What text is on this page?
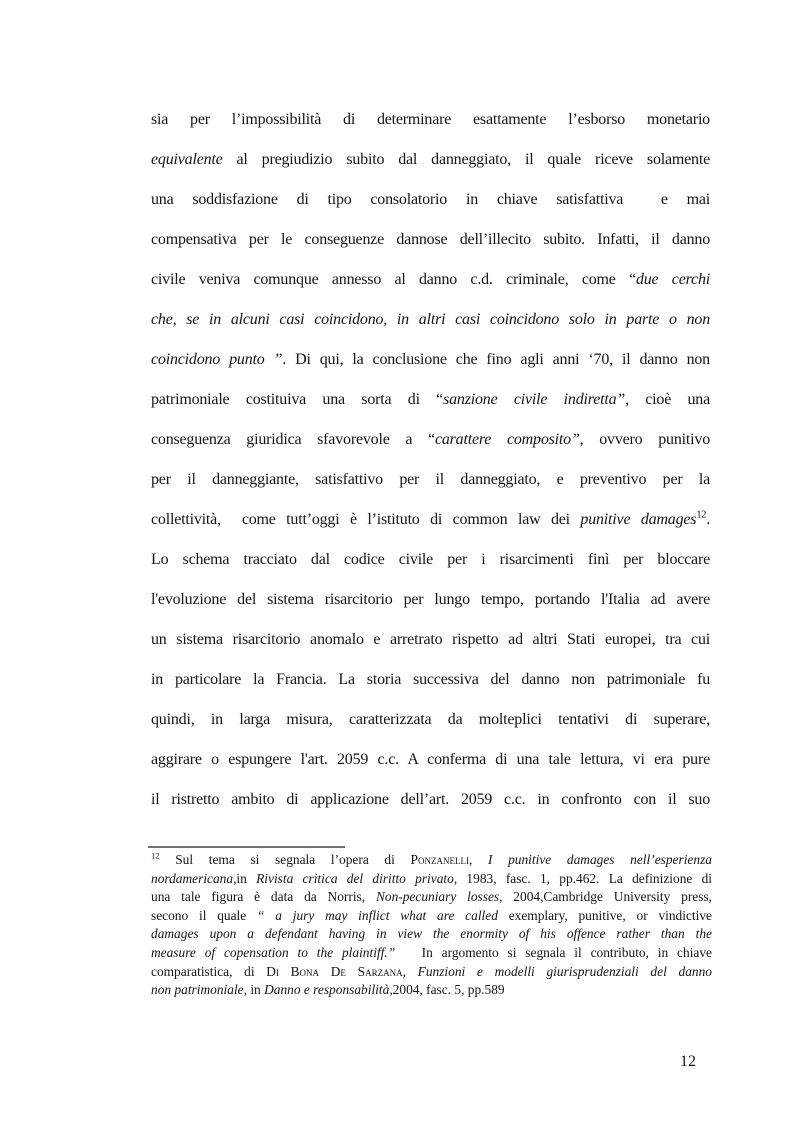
sia per l’impossibilità di determinare esattamente l’esborso monetario
equivalente al pregiudizio subito dal danneggiato, il quale riceve solamente
una soddisfazione di tipo consolatorio in chiave satisfattiva  e mai
compensativa per le conseguenze dannose dell’illecito subito. Infatti, il danno
civile veniva comunque annesso al danno c.d. criminale, come “due cerchi
che, se in alcuni casi coincidono, in altri casi coincidono solo in parte o non
coincidono punto ”. Di qui, la conclusione che fino agli anni ‘70, il danno non
patrimoniale costituiva una sorta di “sanzione civile indiretta”, cioè una
conseguenza giuridica sfavorevole a “carattere composito”, ovvero punitivo
per il danneggiante, satisfattivo per il danneggiato, e preventivo per la
collettività,  come tutt’oggi è l’istituto di common law dei punitive damages$^{12}$.
Lo schema tracciato dal codice civile per i risarcimenti finì per bloccare
l'evoluzione del sistema risarcitorio per lungo tempo, portando l'Italia ad avere
un sistema risarcitorio anomalo e arretrato rispetto ad altri Stati europei, tra cui
in particolare la Francia. La storia successiva del danno non patrimoniale fu
quindi, in larga misura, caratterizzata da molteplici tentativi di superare,
aggirare o espungere l'art. 2059 c.c. A conferma di una tale lettura, vi era pure
il ristretto ambito di applicazione dell’art. 2059 c.c. in confronto con il suo
$^{12}$ Sul tema si segnala l’opera di Ponzanelli, I punitive damages nell’esperienza
nordamericana,in Rivista critica del diritto privato, 1983, fasc. 1, pp.462. La definizione di
una tale figura è data da Norris, Non-pecuniary losses, 2004,Cambridge University press,
secono il quale “ a jury may inflict what are called exemplary, punitive, or vindictive
damages upon a defendant having in view the enormity of his offence rather than the
measure of copensation to the plaintiff.”   In argomento si segnala il contributo, in chiave
comparatistica, di Di Bona De Sarzana, Funzioni e modelli giurisprudenziali del danno
non patrimoniale, in Danno e responsabilità,2004, fasc. 5, pp.589
12
